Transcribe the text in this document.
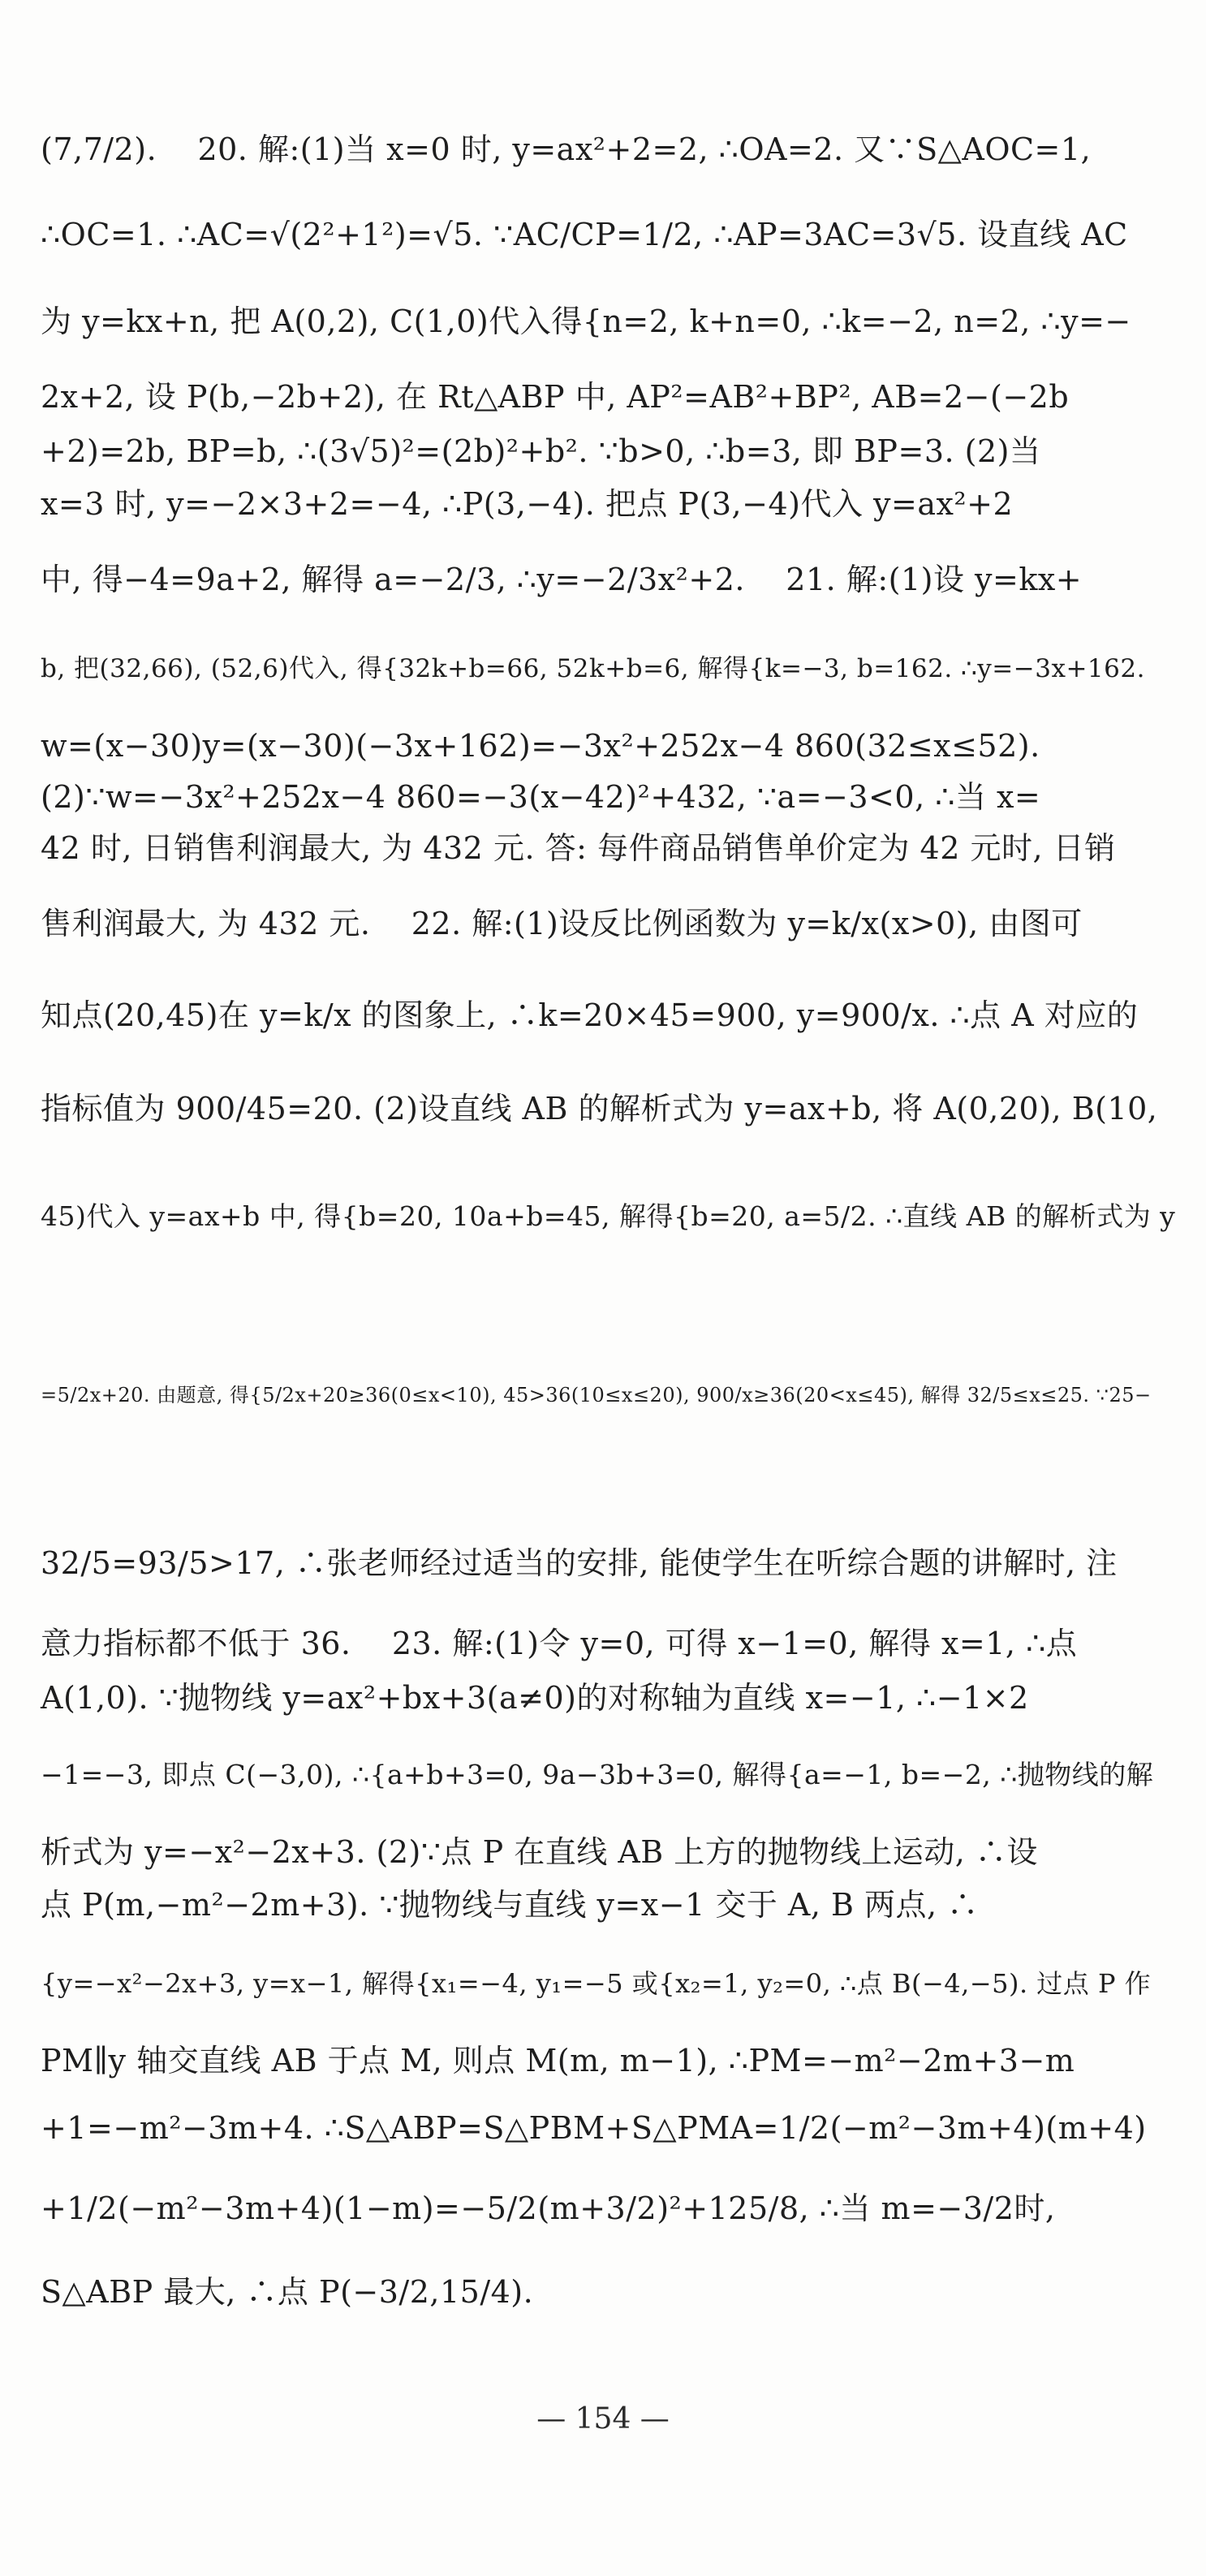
(7,7/2).    20. 解:(1)当 x=0 时, y=ax²+2=2, ∴OA=2. 又∵S△AOC=1,
∴OC=1. ∴AC=√(2²+1²)=√5. ∵AC/CP=1/2, ∴AP=3AC=3√5. 设直线 AC
为 y=kx+n, 把 A(0,2), C(1,0)代入得{n=2, k+n=0, ∴k=−2, n=2, ∴y=−
2x+2, 设 P(b,−2b+2), 在 Rt△ABP 中, AP²=AB²+BP², AB=2−(−2b
+2)=2b, BP=b, ∴(3√5)²=(2b)²+b². ∵b>0, ∴b=3, 即 BP=3. (2)当
x=3 时, y=−2×3+2=−4, ∴P(3,−4). 把点 P(3,−4)代入 y=ax²+2
中, 得−4=9a+2, 解得 a=−2/3, ∴y=−2/3x²+2.    21. 解:(1)设 y=kx+
b, 把(32,66), (52,6)代入, 得{32k+b=66, 52k+b=6, 解得{k=−3, b=162. ∴y=−3x+162.
w=(x−30)y=(x−30)(−3x+162)=−3x²+252x−4 860(32≤x≤52).
(2)∵w=−3x²+252x−4 860=−3(x−42)²+432, ∵a=−3<0, ∴当 x=
42 时, 日销售利润最大, 为 432 元. 答: 每件商品销售单价定为 42 元时, 日销
售利润最大, 为 432 元.    22. 解:(1)设反比例函数为 y=k/x(x>0), 由图可
知点(20,45)在 y=k/x 的图象上, ∴k=20×45=900, y=900/x. ∴点 A 对应的
指标值为 900/45=20. (2)设直线 AB 的解析式为 y=ax+b, 将 A(0,20), B(10,
45)代入 y=ax+b 中, 得{b=20, 10a+b=45, 解得{b=20, a=5/2. ∴直线 AB 的解析式为 y
=5/2x+20. 由题意, 得{5/2x+20≥36(0≤x<10), 45>36(10≤x≤20), 900/x≥36(20<x≤45), 解得 32/5≤x≤25. ∵25−
32/5=93/5>17, ∴张老师经过适当的安排, 能使学生在听综合题的讲解时, 注
意力指标都不低于 36.    23. 解:(1)令 y=0, 可得 x−1=0, 解得 x=1, ∴点
A(1,0). ∵抛物线 y=ax²+bx+3(a≠0)的对称轴为直线 x=−1, ∴−1×2
−1=−3, 即点 C(−3,0), ∴{a+b+3=0, 9a−3b+3=0, 解得{a=−1, b=−2, ∴抛物线的解
析式为 y=−x²−2x+3. (2)∵点 P 在直线 AB 上方的抛物线上运动, ∴设
点 P(m,−m²−2m+3). ∵抛物线与直线 y=x−1 交于 A, B 两点, ∴
{y=−x²−2x+3, y=x−1, 解得{x₁=−4, y₁=−5 或{x₂=1, y₂=0, ∴点 B(−4,−5). 过点 P 作
PM∥y 轴交直线 AB 于点 M, 则点 M(m, m−1), ∴PM=−m²−2m+3−m
+1=−m²−3m+4. ∴S△ABP=S△PBM+S△PMA=1/2(−m²−3m+4)(m+4)
+1/2(−m²−3m+4)(1−m)=−5/2(m+3/2)²+125/8, ∴当 m=−3/2时,
S△ABP 最大, ∴点 P(−3/2,15/4).
— 154 —
